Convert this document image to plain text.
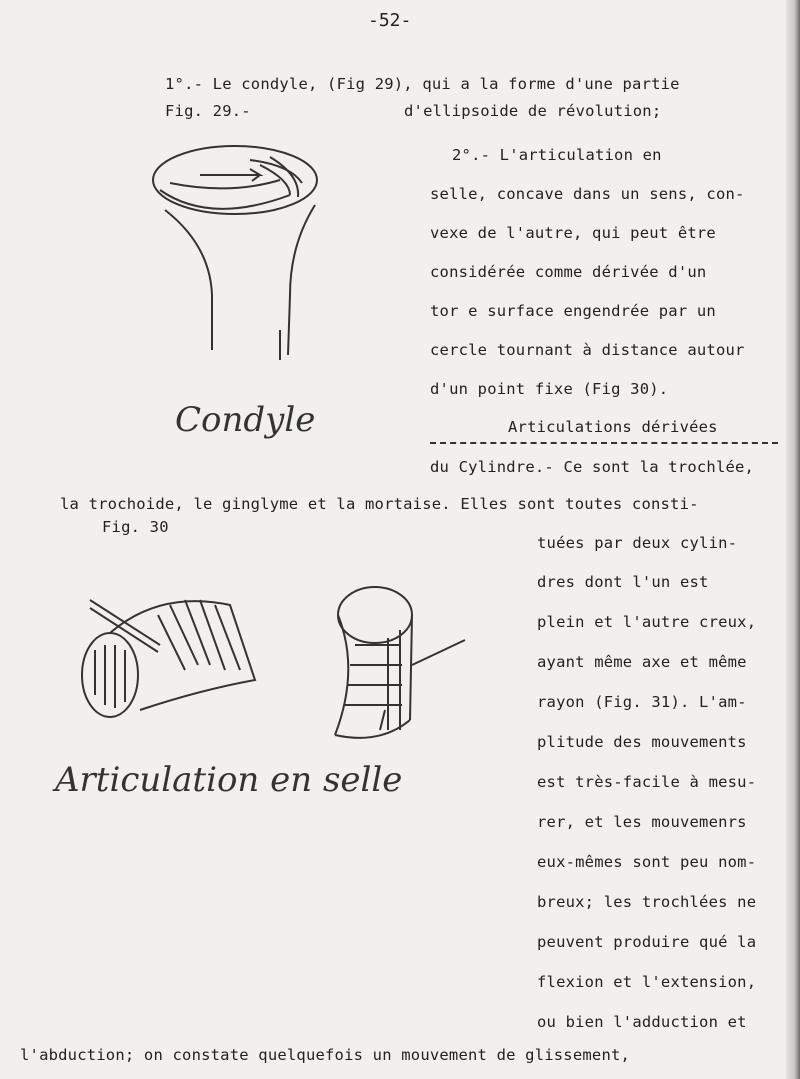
-52-
1°.- Le condyle, (Fig 29), qui a la forme d'une partie
Fig. 29.-	d'ellipsoide de révolution;
2°.- L'articulation en
selle, concave dans un sens, con-
vexe de l'autre, qui peut être
considérée comme dérivée d'un
tor e surface engendrée par un
cercle tournant à distance autour
d'un point fixe (Fig 30).
Articulations dérivées
du Cylindre.- Ce sont la trochlée,
la trochoide, le ginglyme et la mortaise. Elles sont toutes consti-
Fig. 30
tuées par deux cylin-
dres dont l'un est
plein et l'autre creux,
ayant même axe et même
rayon (Fig. 31). L'am-
plitude des mouvements
est très-facile à mesu-
rer, et les mouvemenrs
eux-mêmes sont peu nom-
breux; les trochlées ne
peuvent produire qué la
flexion et l'extension,
ou bien l'adduction et
l'abduction; on constate quelquefois un mouvement de glissement,
Condyle
Articulation en selle
